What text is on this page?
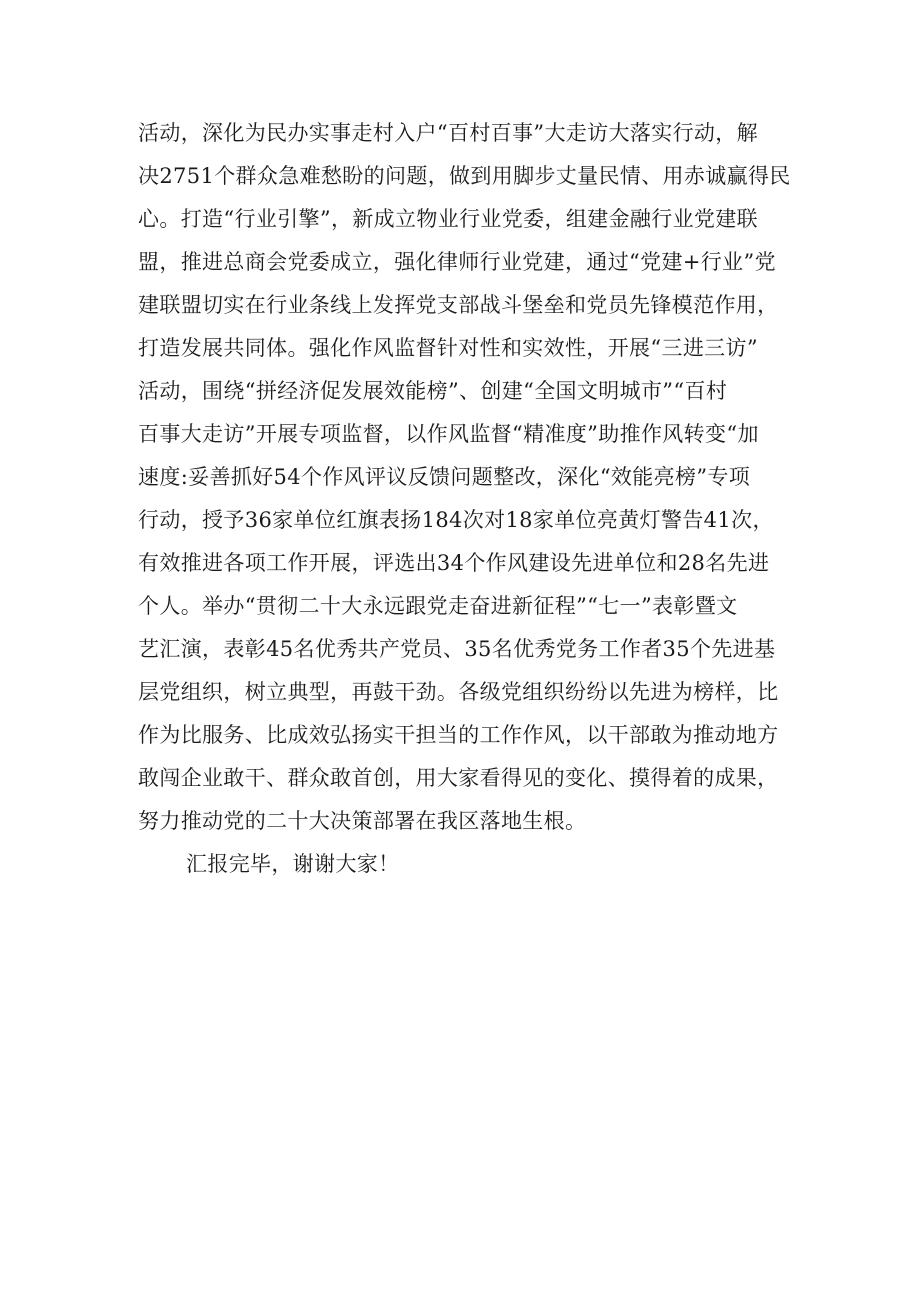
活动，深化为民办实事走村入户“百村百事”大走访大落实行动，解
决2751个群众急难愁盼的问题，做到用脚步丈量民情、用赤诚赢得民
心。打造“行业引擎”，新成立物业行业党委，组建金融行业党建联
盟，推进总商会党委成立，强化律师行业党建，通过“党建+行业”党
建联盟切实在行业条线上发挥党支部战斗堡垒和党员先锋模范作用，
打造发展共同体。强化作风监督针对性和实效性，开展“三进三访”
活动，围绕“拼经济促发展效能榜”、创建“全国文明城市”“百村
百事大走访”开展专项监督，以作风监督“精准度”助推作风转变“加
速度:妥善抓好54个作风评议反馈问题整改，深化“效能亮榜”专项
行动，授予36家单位红旗表扬184次对18家单位亮黄灯警告41次，
有效推进各项工作开展，评选出34个作风建设先进单位和28名先进
个人。举办“贯彻二十大永远跟党走奋进新征程”“七一”表彰暨文
艺汇演，表彰45名优秀共产党员、35名优秀党务工作者35个先进基
层党组织，树立典型，再鼓干劲。各级党组织纷纷以先进为榜样，比
作为比服务、比成效弘扬实干担当的工作作风，以干部敢为推动地方
敢闯企业敢干、群众敢首创，用大家看得见的变化、摸得着的成果，
努力推动党的二十大决策部署在我区落地生根。
汇报完毕，谢谢大家！
